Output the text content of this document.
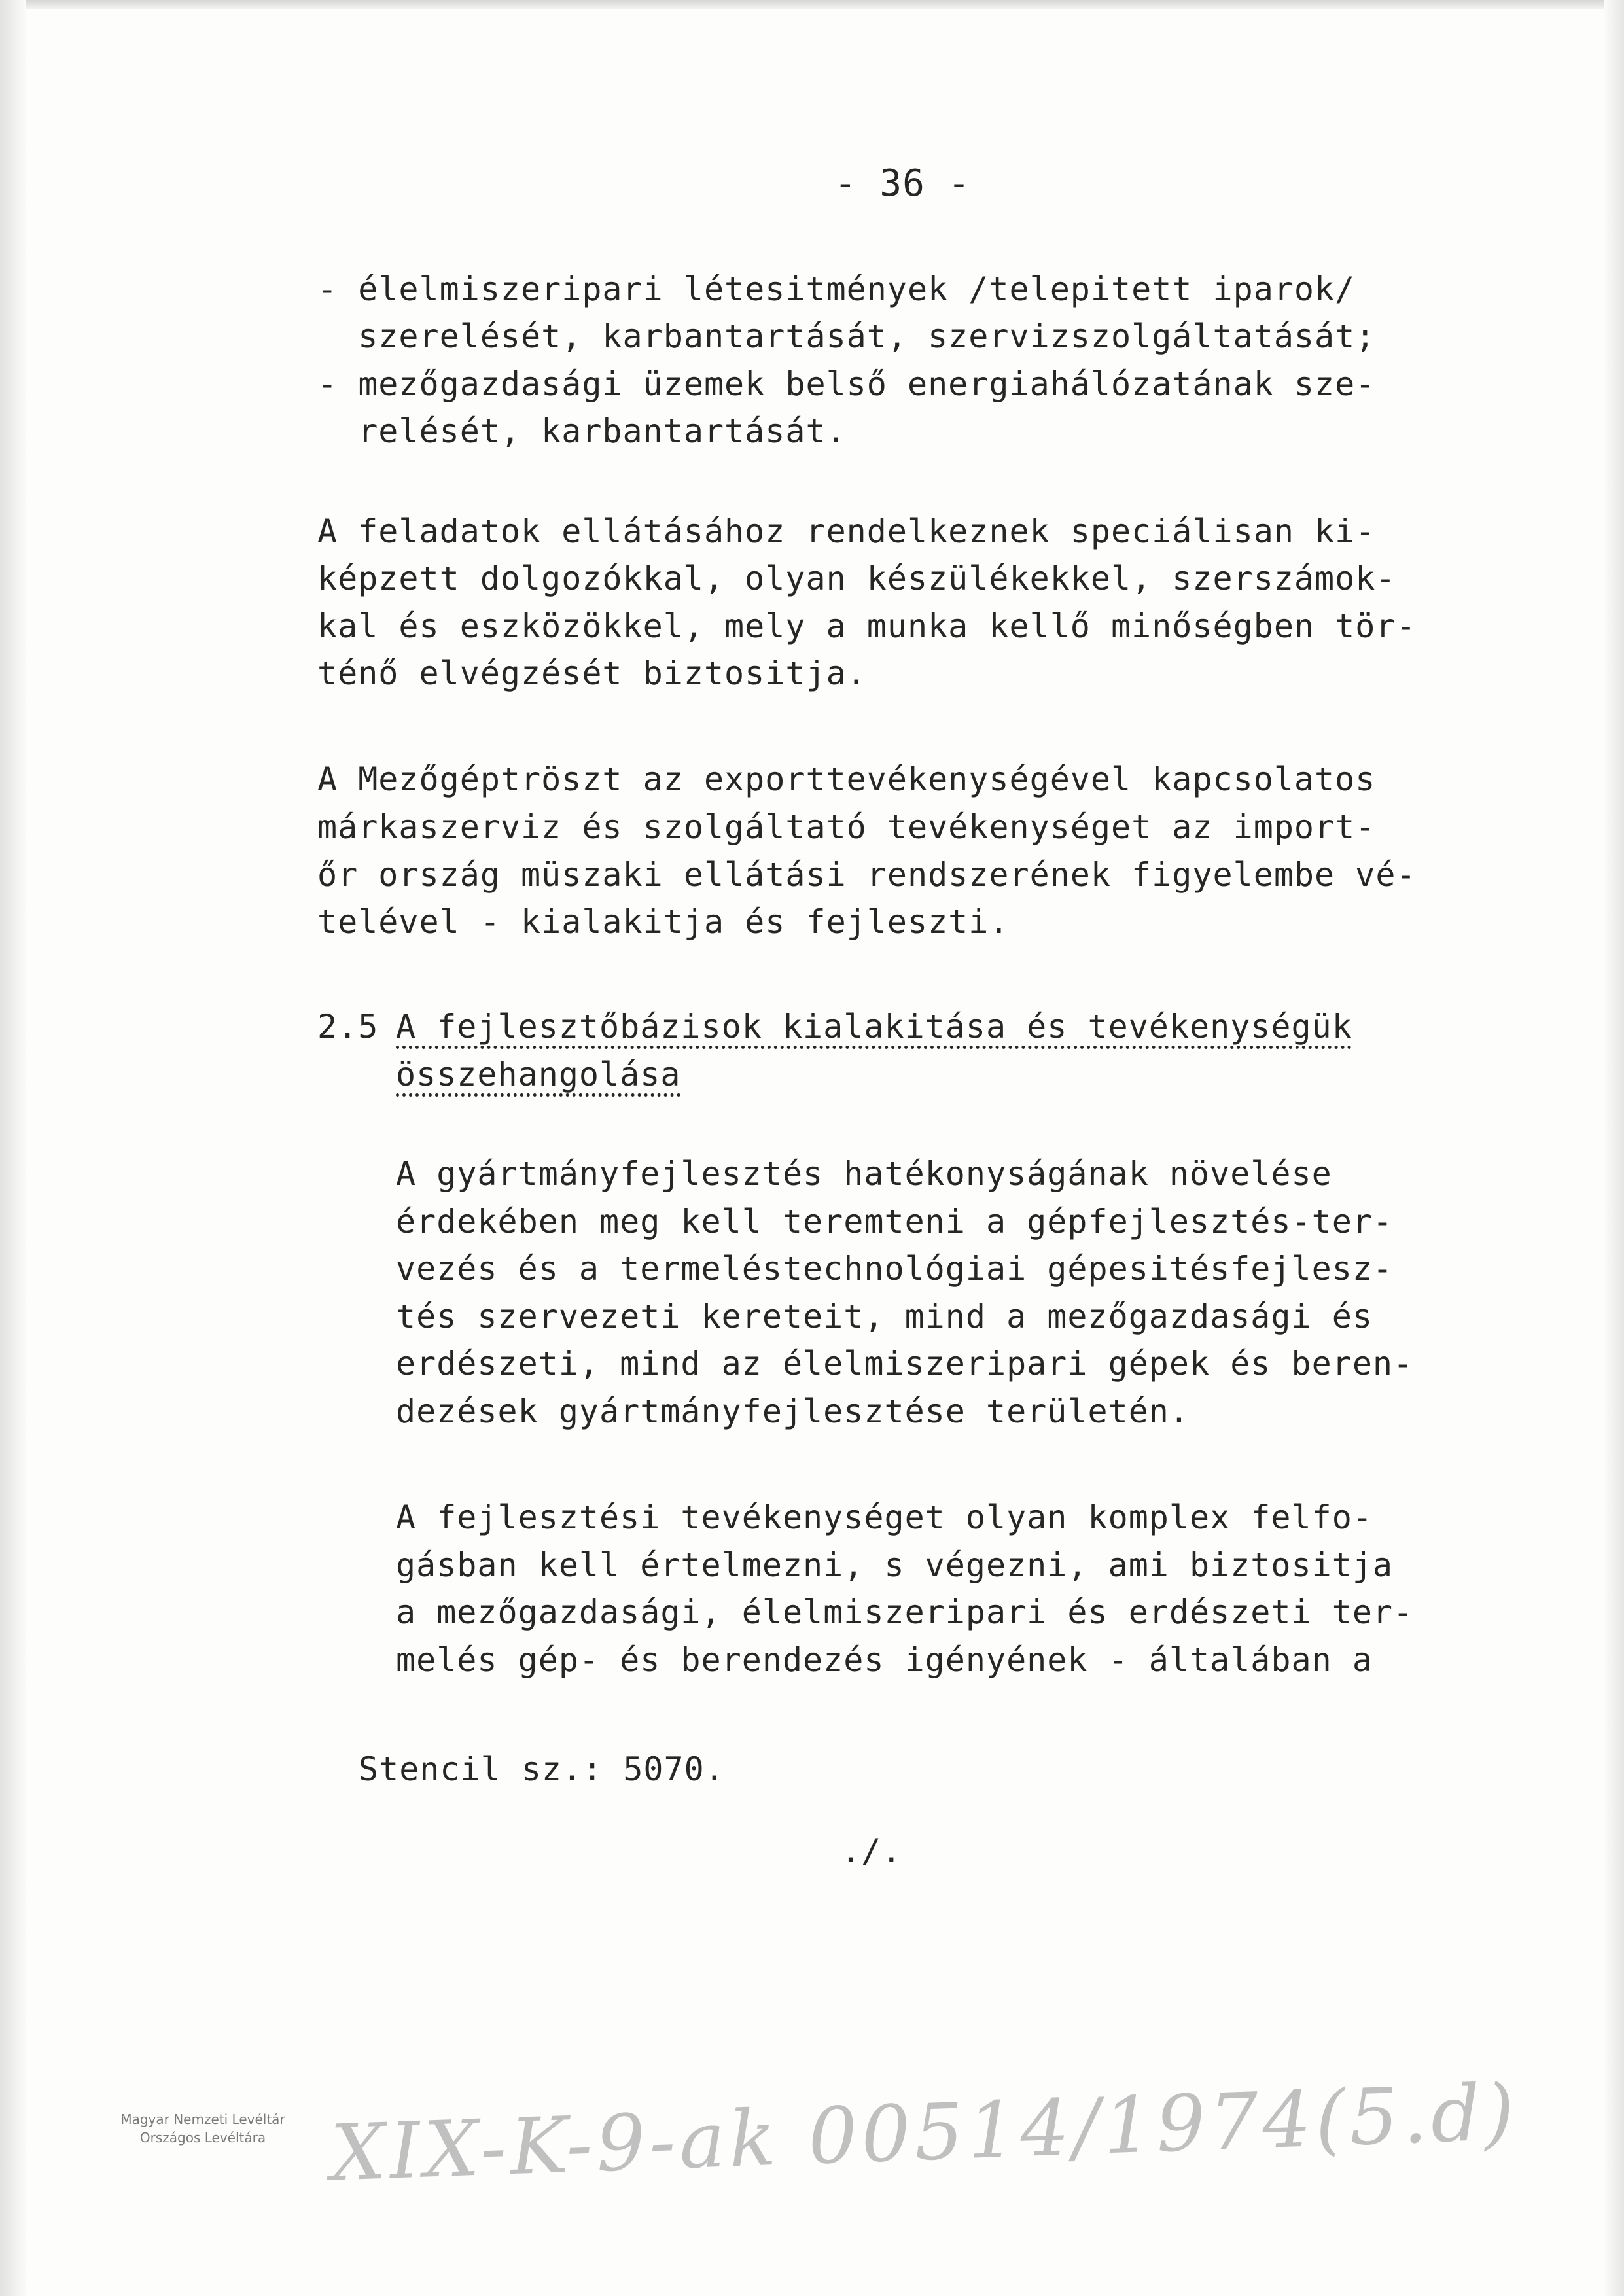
- 36 -
- élelmiszeripari létesitmények /telepitett iparok/
szerelését, karbantartását, szervizszolgáltatását;
- mezőgazdasági üzemek belső energiahálózatának sze-
relését, karbantartását.
A feladatok ellátásához rendelkeznek speciálisan ki-
képzett dolgozókkal, olyan készülékekkel, szerszámok-
kal és eszközökkel, mely a munka kellő minőségben tör-
ténő elvégzését biztositja.
A Mezőgéptröszt az exporttevékenységével kapcsolatos
márkaszerviz és szolgáltató tevékenységet az import-
őr ország müszaki ellátási rendszerének figyelembe vé-
telével - kialakitja és fejleszti.
2.5 A fejlesztőbázisok kialakitása és tevékenységük
összehangolása
A gyártmányfejlesztés hatékonyságának növelése
érdekében meg kell teremteni a gépfejlesztés-ter-
vezés és a termeléstechnológiai gépesitésfejlesz-
tés szervezeti kereteit, mind a mezőgazdasági és
erdészeti, mind az élelmiszeripari gépek és beren-
dezések gyártmányfejlesztése területén.
A fejlesztési tevékenységet olyan komplex felfo-
gásban kell értelmezni, s végezni, ami biztositja
a mezőgazdasági, élelmiszeripari és erdészeti ter-
melés gép- és berendezés igényének - általában a
Stencil sz.: 5070.
./.
Magyar Nemzeti Levéltár
Országos Levéltára XIX-K-9-ak 00514/1974(5.d)
